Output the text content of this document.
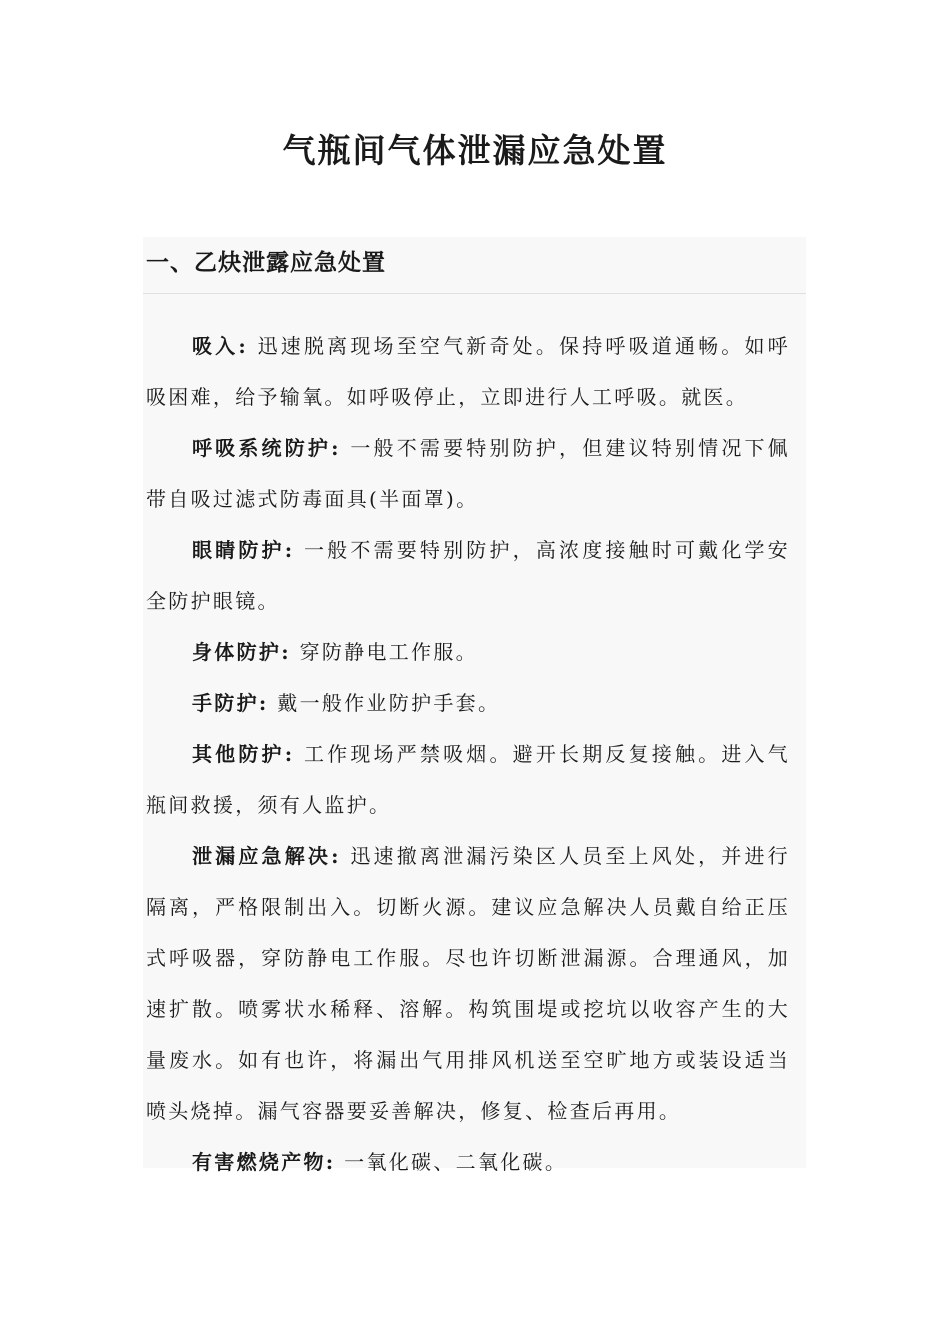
气瓶间气体泄漏应急处置
一、乙炔泄露应急处置

吸入: 迅速脱离现场至空气新奇处。保持呼吸道通畅。如呼吸困难，给予输氧。如呼吸停止，立即进行人工呼吸。就医。

呼吸系统防护: 一般不需要特别防护，但建议特别情况下佩带自吸过滤式防毒面具(半面罩)。

眼睛防护: 一般不需要特别防护，高浓度接触时可戴化学安全防护眼镜。

身体防护: 穿防静电工作服。

手防护: 戴一般作业防护手套。

其他防护: 工作现场严禁吸烟。避开长期反复接触。进入气瓶间救援，须有人监护。

泄漏应急解决: 迅速撤离泄漏污染区人员至上风处，并进行隔离，严格限制出入。切断火源。建议应急解决人员戴自给正压式呼吸器，穿防静电工作服。尽也许切断泄漏源。合理通风，加速扩散。喷雾状水稀释、溶解。构筑围堤或挖坑以收容产生的大量废水。如有也许，将漏出气用排风机送至空旷地方或装设适当喷头烧掉。漏气容器要妥善解决，修复、检查后再用。

有害燃烧产物: 一氧化碳、二氧化碳。
